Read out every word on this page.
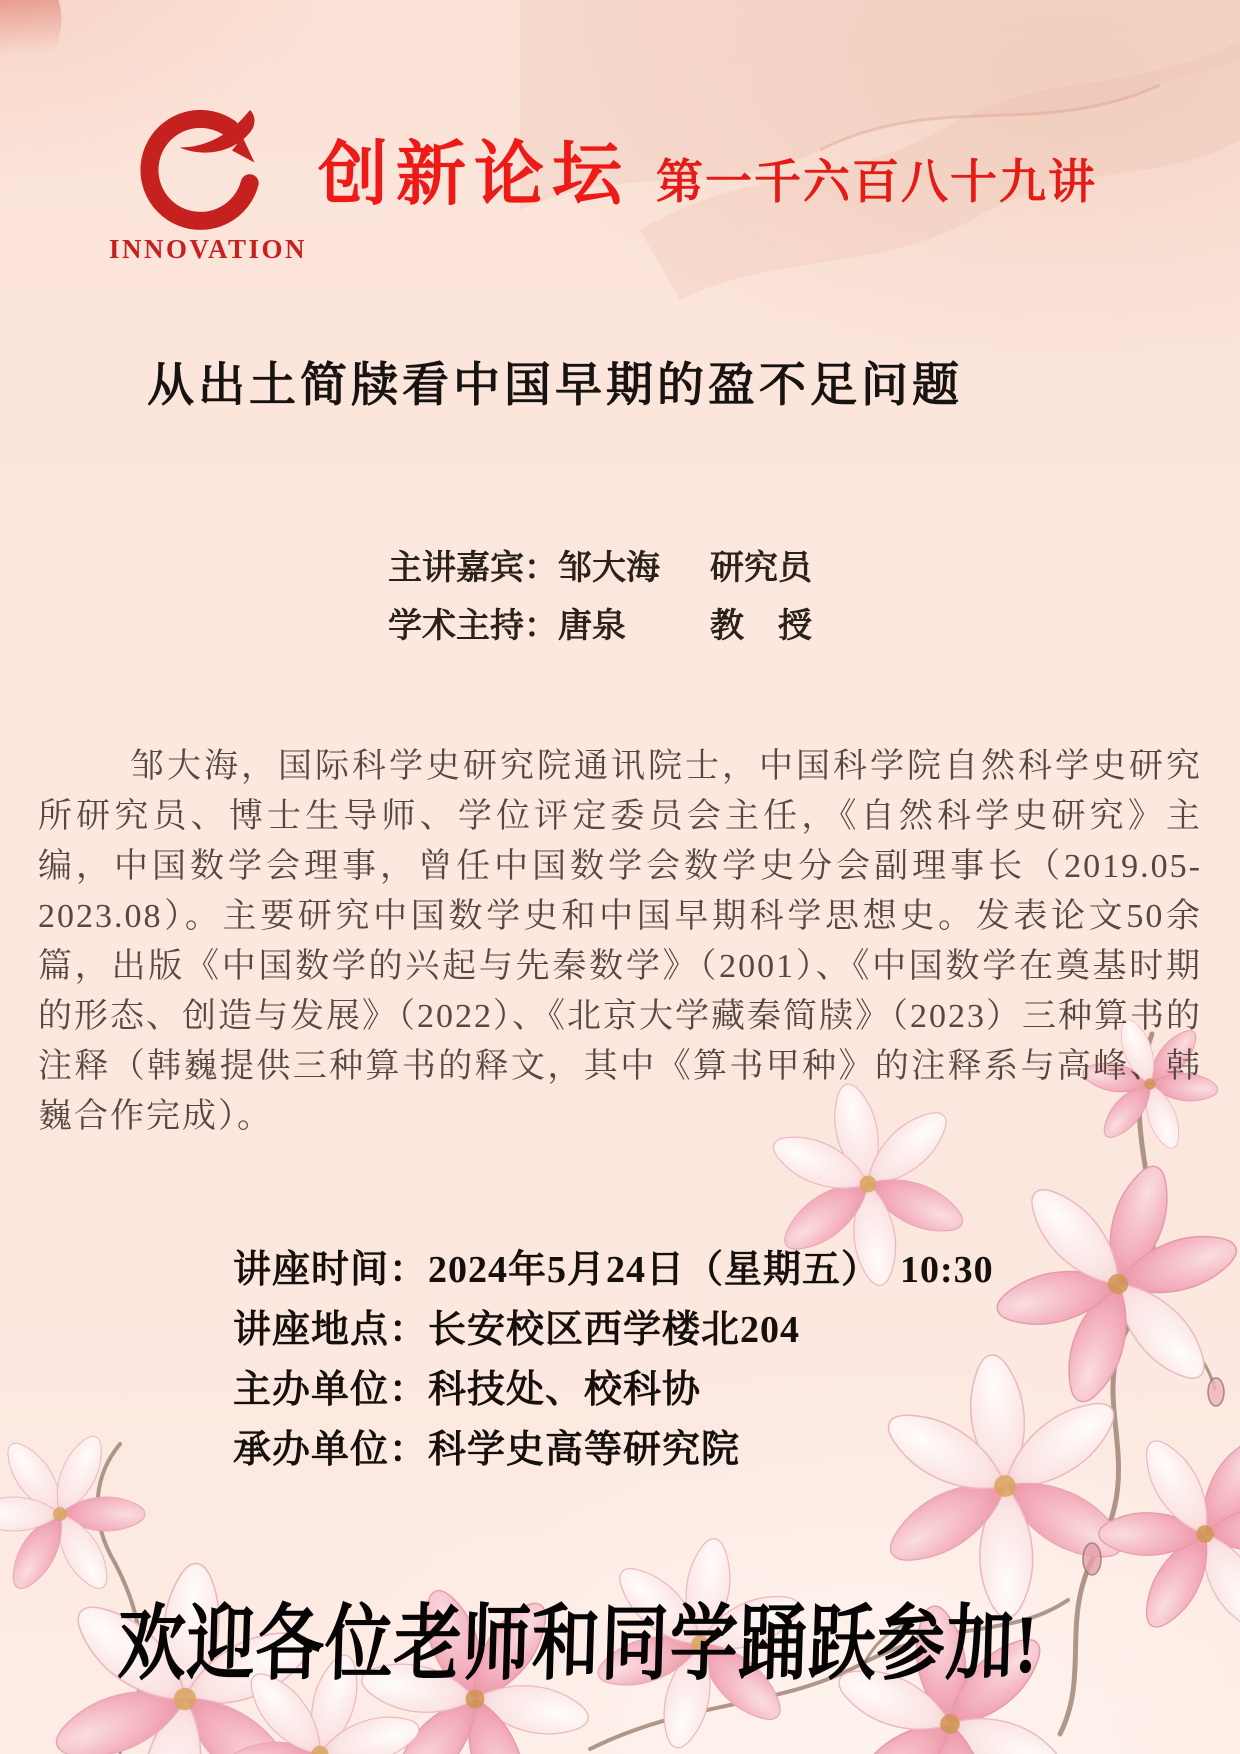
INNOVATION
创新论坛 第一千六百八十九讲
从出土简牍看中国早期的盈不足问题
主讲嘉宾：邹大海 研究员
学术主持：唐泉 教　授
邹大海，国际科学史研究院通讯院士，中国科学院自然科学史研究所研究员、博士生导师、学位评定委员会主任，《自然科学史研究》主编，中国数学会理事，曾任中国数学会数学史分会副理事长（2019.05-2023.08）。主要研究中国数学史和中国早期科学思想史。发表论文50余篇，出版《中国数学的兴起与先秦数学》（2001）、《中国数学在奠基时期的形态、创造与发展》（2022）、《北京大学藏秦简牍》（2023）三种算书的注释（韩巍提供三种算书的释文，其中《算书甲种》的注释系与高峰、韩巍合作完成）。
讲座时间：2024年5月24日（星期五）　10:30
讲座地点：长安校区西学楼北204
主办单位：科技处、校科协
承办单位：科学史高等研究院
欢迎各位老师和同学踊跃参加!
